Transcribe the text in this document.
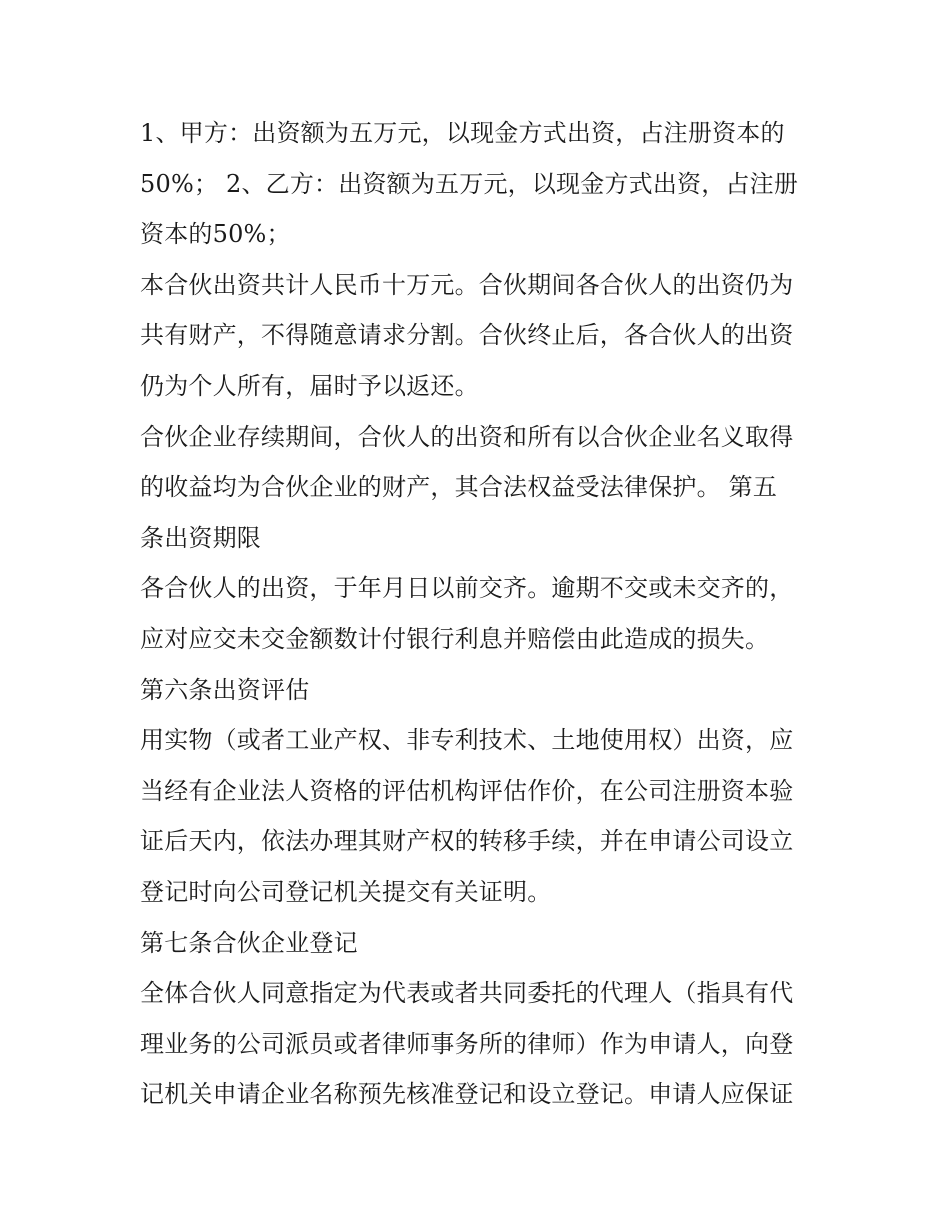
1、甲方：出资额为五万元，以现金方式出资，占注册资本的
50%； 2、乙方：出资额为五万元，以现金方式出资，占注册
资本的50%；
本合伙出资共计人民币十万元。合伙期间各合伙人的出资仍为
共有财产，不得随意请求分割。合伙终止后，各合伙人的出资
仍为个人所有，届时予以返还。
合伙企业存续期间，合伙人的出资和所有以合伙企业名义取得
的收益均为合伙企业的财产，其合法权益受法律保护。 第五
条出资期限
各合伙人的出资，于年月日以前交齐。逾期不交或未交齐的，
应对应交未交金额数计付银行利息并赔偿由此造成的损失。
第六条出资评估
用实物（或者工业产权、非专利技术、土地使用权）出资，应
当经有企业法人资格的评估机构评估作价，在公司注册资本验
证后天内，依法办理其财产权的转移手续，并在申请公司设立
登记时向公司登记机关提交有关证明。
第七条合伙企业登记
全体合伙人同意指定为代表或者共同委托的代理人（指具有代
理业务的公司派员或者律师事务所的律师）作为申请人，向登
记机关申请企业名称预先核准登记和设立登记。申请人应保证
